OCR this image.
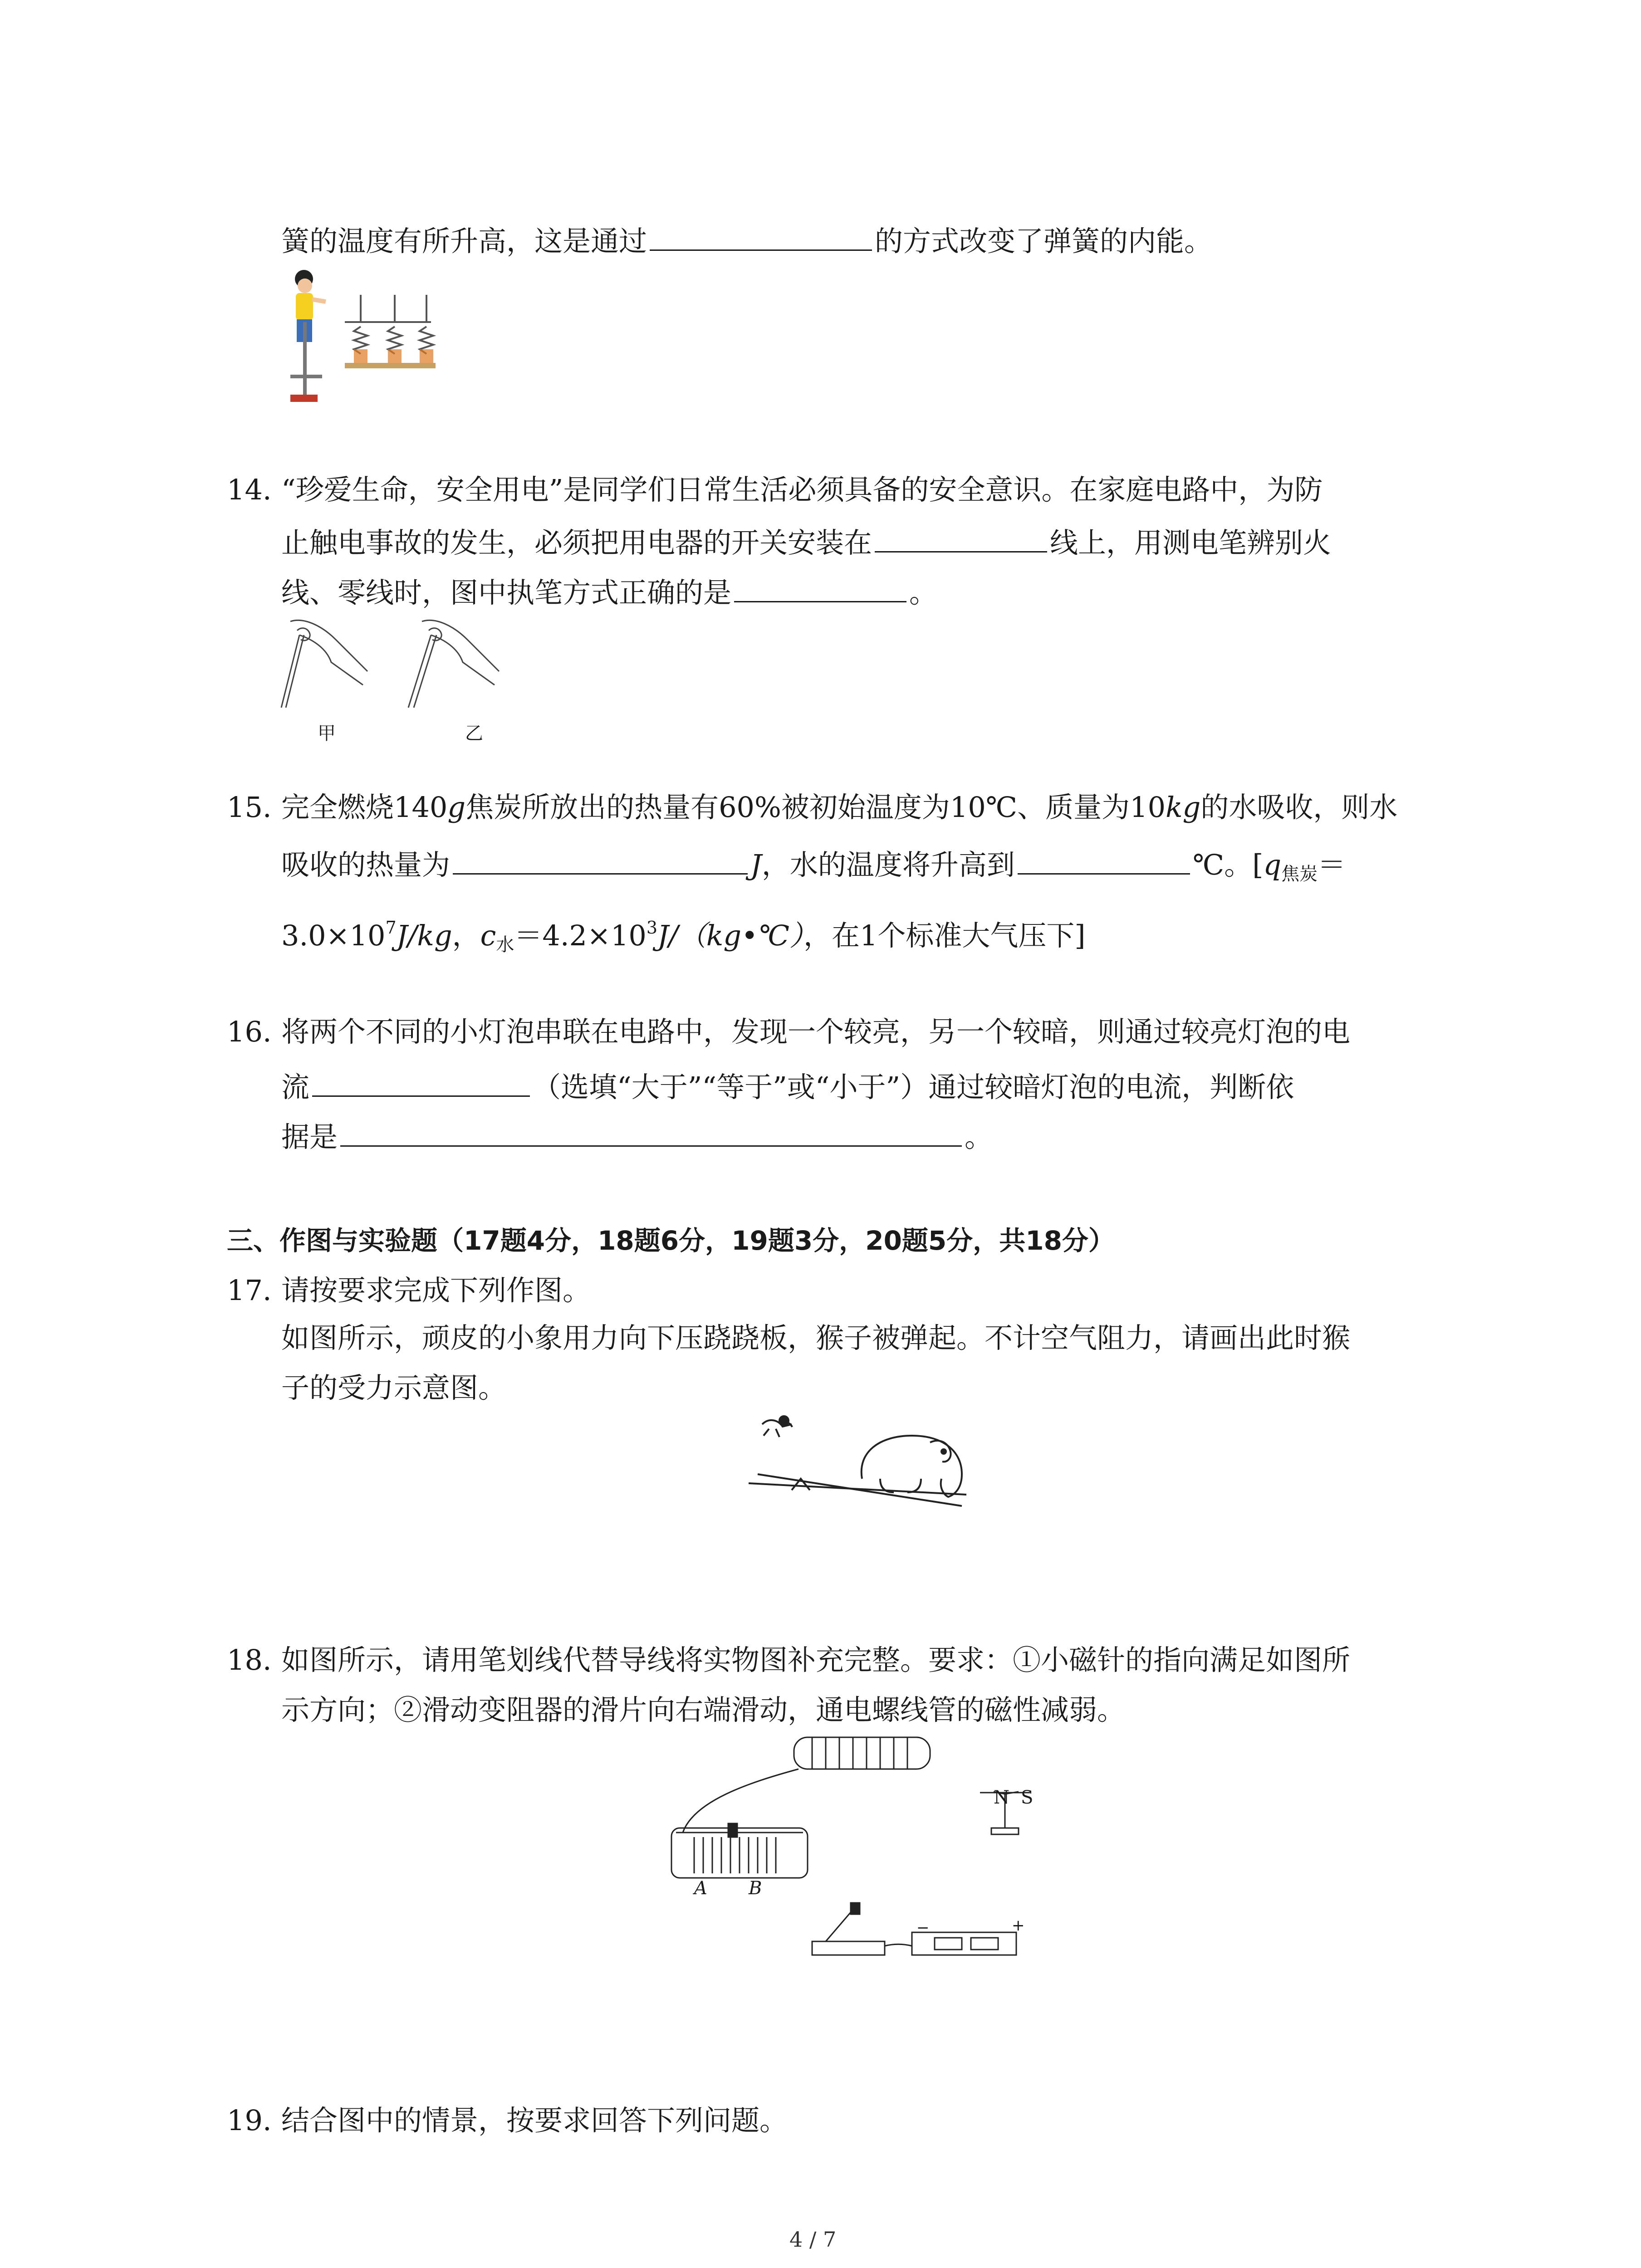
簧的温度有所升高，这是通过	的方式改变了弹簧的内能。
14. “珍爱生命，安全用电”是同学们日常生活必须具备的安全意识。在家庭电路中，为防
止触电事故的发生，必须把用电器的开关安装在	线上，用测电笔辨别火
线、零线时，图中执笔方式正确的是	。
甲	乙
15. 完全燃烧140g焦炭所放出的热量有60%被初始温度为10℃、质量为10kg的水吸收，则水
吸收的热量为	J，水的温度将升高到	℃。[$q_{焦炭}=$
$3.0\times 10^7J/kg$，$c_水=4.2\times 10^3J/(kg•℃)$，在1个标准大气压下]
16. 将两个不同的小灯泡串联在电路中，发现一个较亮，另一个较暗，则通过较亮灯泡的电
流	（选填“大于”“等于”或“小于”）通过较暗灯泡的电流，判断依
据是	。
三、作图与实验题（17题4分，18题6分，19题3分，20题5分，共18分）
17. 请按要求完成下列作图。
如图所示，顽皮的小象用力向下压跷跷板，猴子被弹起。不计空气阻力，请画出此时猴
子的受力示意图。
18. 如图所示，请用笔划线代替导线将实物图补充完整。要求：①小磁针的指向满足如图所
示方向；②滑动变阻器的滑片向右端滑动，通电螺线管的磁性减弱。
N S
A B
−	+
19. 结合图中的情景，按要求回答下列问题。
4 / 7
